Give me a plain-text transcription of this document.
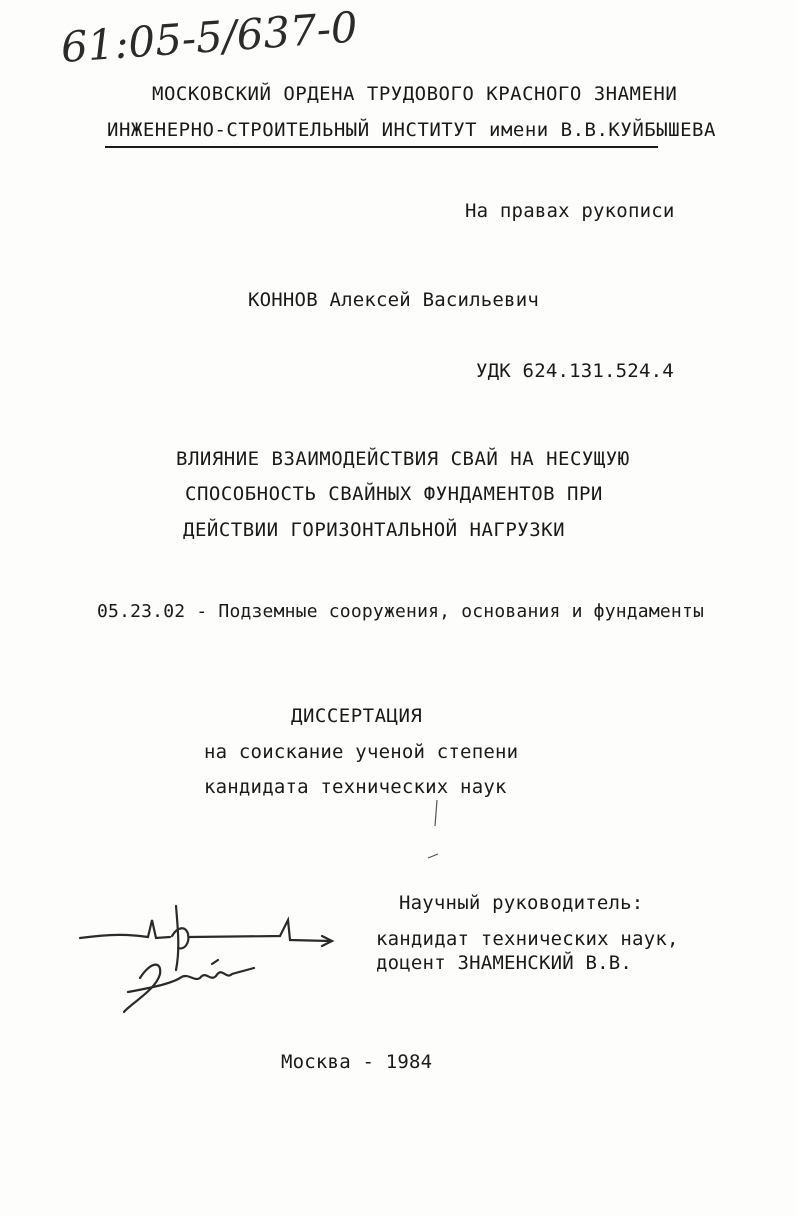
61:05-5/637-0
МОСКОВСКИЙ ОРДЕНА ТРУДОВОГО КРАСНОГО ЗНАМЕНИ
ИНЖЕНЕРНО-СТРОИТЕЛЬНЫЙ ИНСТИТУТ имени В.В.КУЙБЫШЕВА
На правах рукописи
КОННОВ Алексей Васильевич
УДК 624.131.524.4
ВЛИЯНИЕ ВЗАИМОДЕЙСТВИЯ СВАЙ НА НЕСУЩУЮ
СПОСОБНОСТЬ СВАЙНЫХ ФУНДАМЕНТОВ ПРИ
ДЕЙСТВИИ ГОРИЗОНТАЛЬНОЙ НАГРУЗКИ
05.23.02 - Подземные сооружения, основания и фундаменты
ДИССЕРТАЦИЯ
на соискание ученой степени
кандидата технических наук
Научный руководитель:
кандидат технических наук,
доцент ЗНАМЕНСКИЙ В.В.
Москва - 1984
